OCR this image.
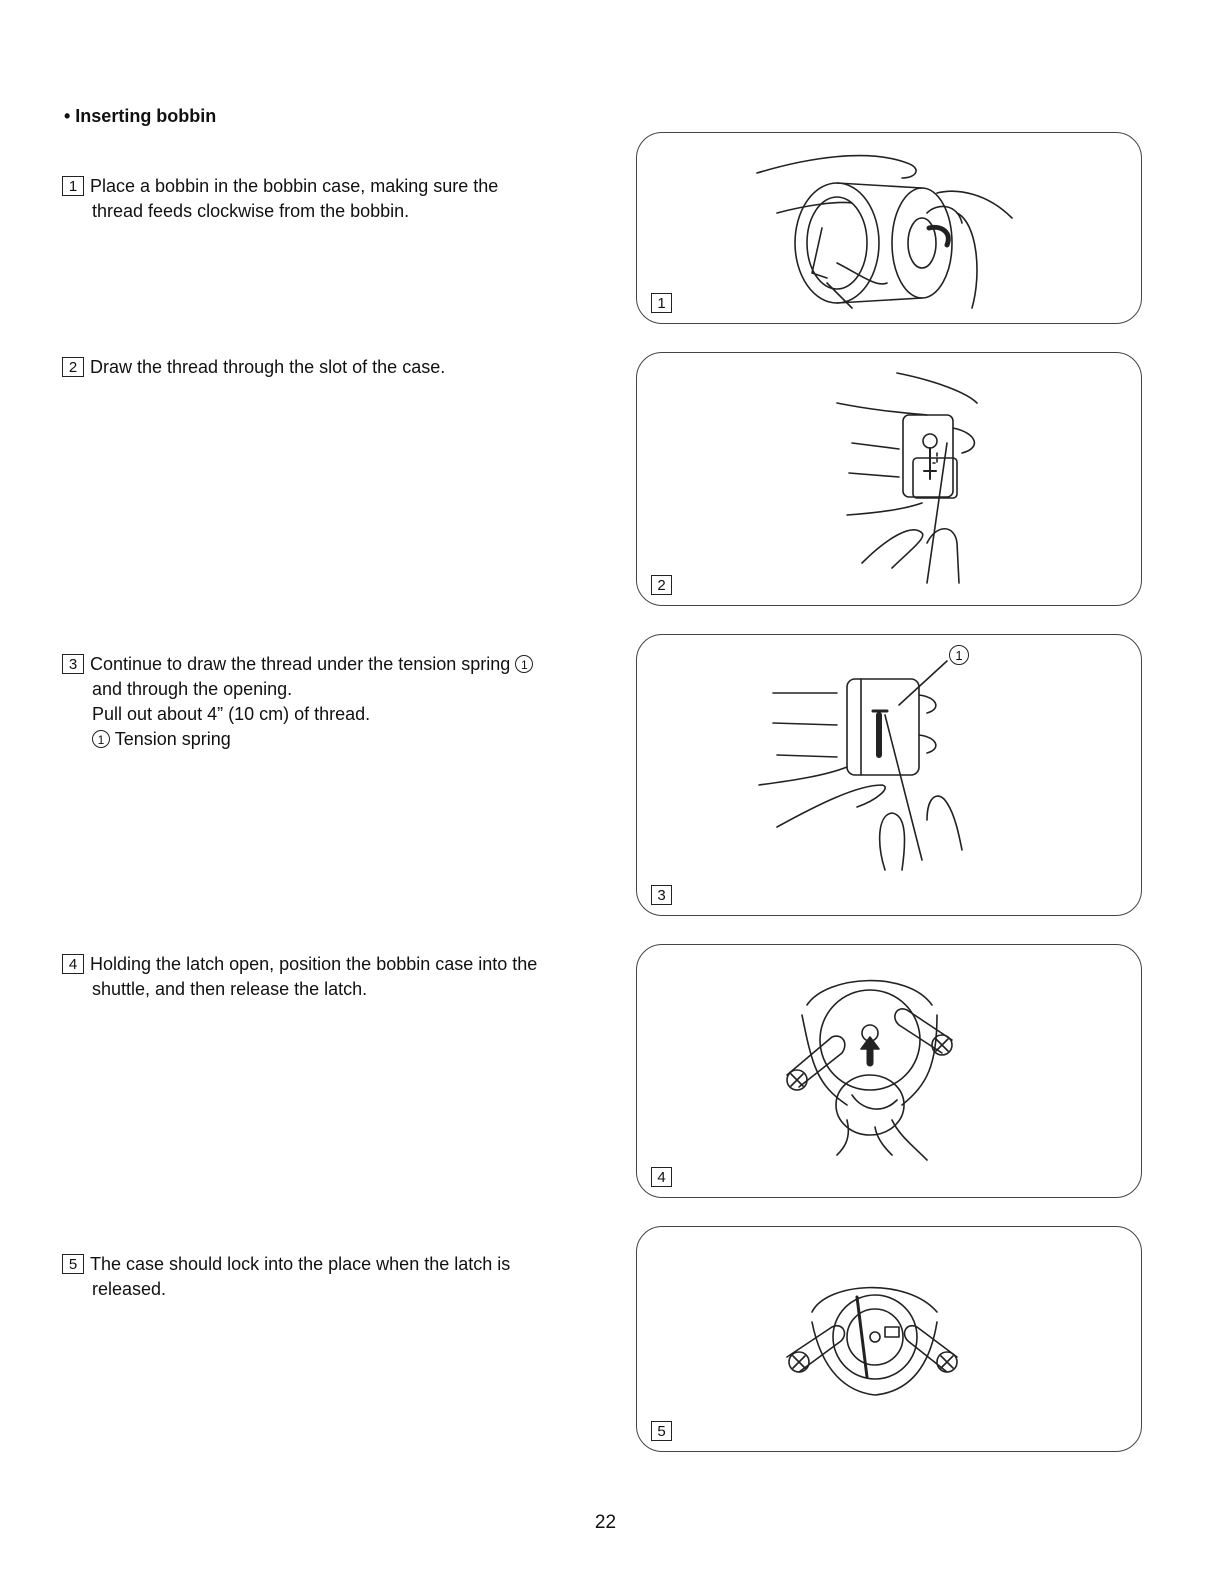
• Inserting bobbin

1 Place a bobbin in the bobbin case, making sure the

thread feeds clockwise from the bobbin.

2 Draw the thread through the slot of the case.

3 Continue to draw the thread under the tension spring 1

and through the opening.

Pull out about 4” (10 cm) of thread.

1 Tension spring

4 Holding the latch open, position the bobbin case into the

shuttle, and then release the latch.

5 The case should lock into the place when the latch is

released.

1
2
1
3
4
5
22
